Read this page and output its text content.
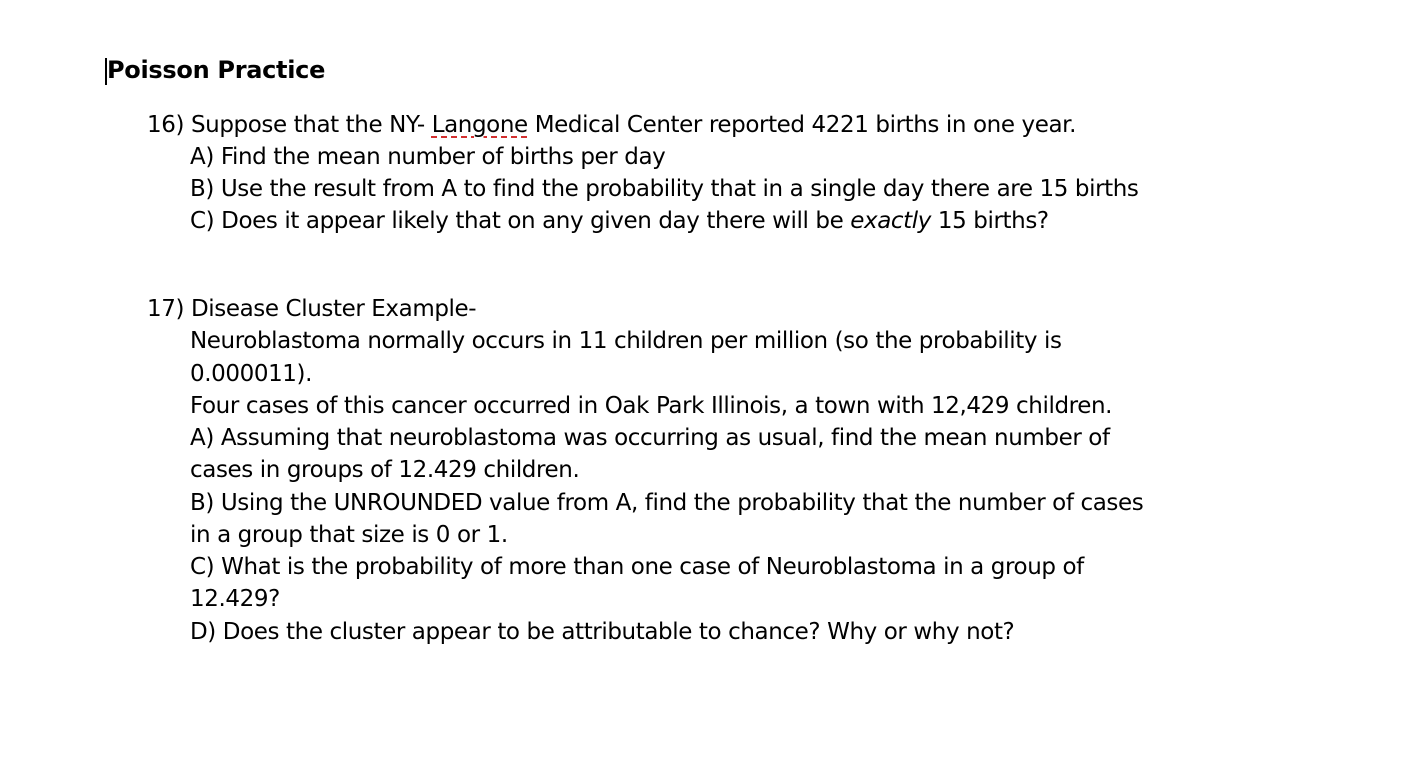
Poisson Practice

16) Suppose that the NY- Langone Medical Center reported 4221 births in one year.

A) Find the mean number of births per day

B) Use the result from A to find the probability that in a single day there are 15 births

C) Does it appear likely that on any given day there will be exactly 15 births?

17) Disease Cluster Example-

Neuroblastoma normally occurs in 11 children per million (so the probability is

0.000011).

Four cases of this cancer occurred in Oak Park Illinois, a town with 12,429 children.

A) Assuming that neuroblastoma was occurring as usual, find the mean number of

cases in groups of 12.429 children.

B) Using the UNROUNDED value from A, find the probability that the number of cases

in a group that size is 0 or 1.

C) What is the probability of more than one case of Neuroblastoma in a group of

12.429?

D) Does the cluster appear to be attributable to chance? Why or why not?
